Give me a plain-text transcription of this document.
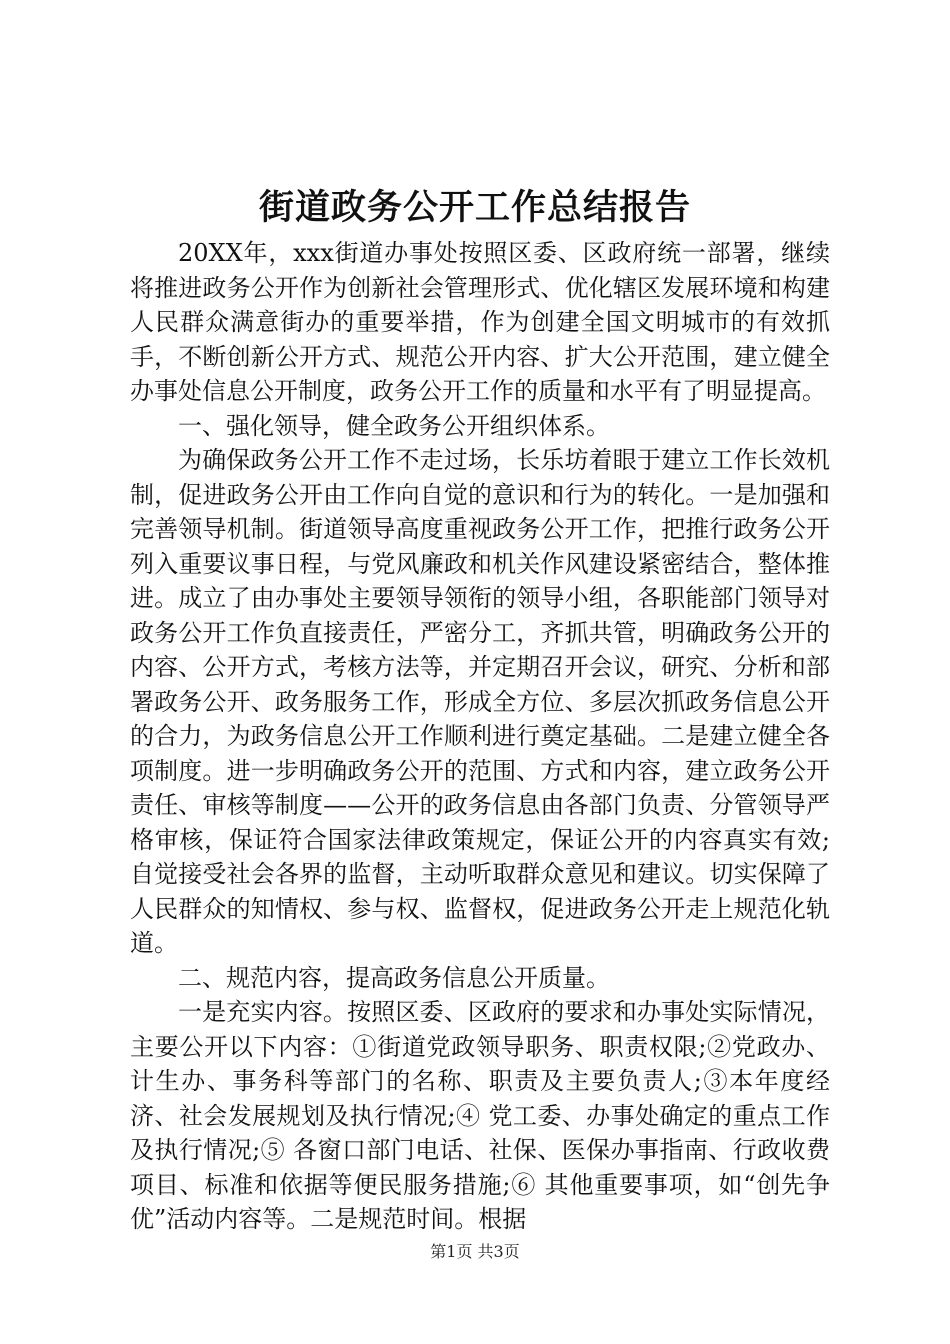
街道政务公开工作总结报告

20XX年，xxx街道办事处按照区委、区政府统一部署，继续将推进政务公开作为创新社会管理形式、优化辖区发展环境和构建人民群众满意街办的重要举措，作为创建全国文明城市的有效抓手，不断创新公开方式、规范公开内容、扩大公开范围，建立健全办事处信息公开制度，政务公开工作的质量和水平有了明显提高。

一、强化领导，健全政务公开组织体系。

为确保政务公开工作不走过场，长乐坊着眼于建立工作长效机制，促进政务公开由工作向自觉的意识和行为的转化。一是加强和完善领导机制。街道领导高度重视政务公开工作，把推行政务公开列入重要议事日程，与党风廉政和机关作风建设紧密结合，整体推进。成立了由办事处主要领导领衔的领导小组，各职能部门领导对政务公开工作负直接责任，严密分工，齐抓共管，明确政务公开的内容、公开方式，考核方法等，并定期召开会议，研究、分析和部署政务公开、政务服务工作，形成全方位、多层次抓政务信息公开的合力，为政务信息公开工作顺利进行奠定基础。二是建立健全各项制度。进一步明确政务公开的范围、方式和内容，建立政务公开责任、审核等制度——公开的政务信息由各部门负责、分管领导严格审核，保证符合国家法律政策规定，保证公开的内容真实有效;自觉接受社会各界的监督，主动听取群众意见和建议。切实保障了人民群众的知情权、参与权、监督权，促进政务公开走上规范化轨道。

二、规范内容，提高政务信息公开质量。

一是充实内容。按照区委、区政府的要求和办事处实际情况，主要公开以下内容：①街道党政领导职务、职责权限;②党政办、计生办、事务科等部门的名称、职责及主要负责人;③本年度经济、社会发展规划及执行情况;④ 党工委、办事处确定的重点工作及执行情况;⑤ 各窗口部门电话、社保、医保办事指南、行政收费项目、标准和依据等便民服务措施;⑥ 其他重要事项，如“创先争优”活动内容等。二是规范时间。根据

第1页 共3页
